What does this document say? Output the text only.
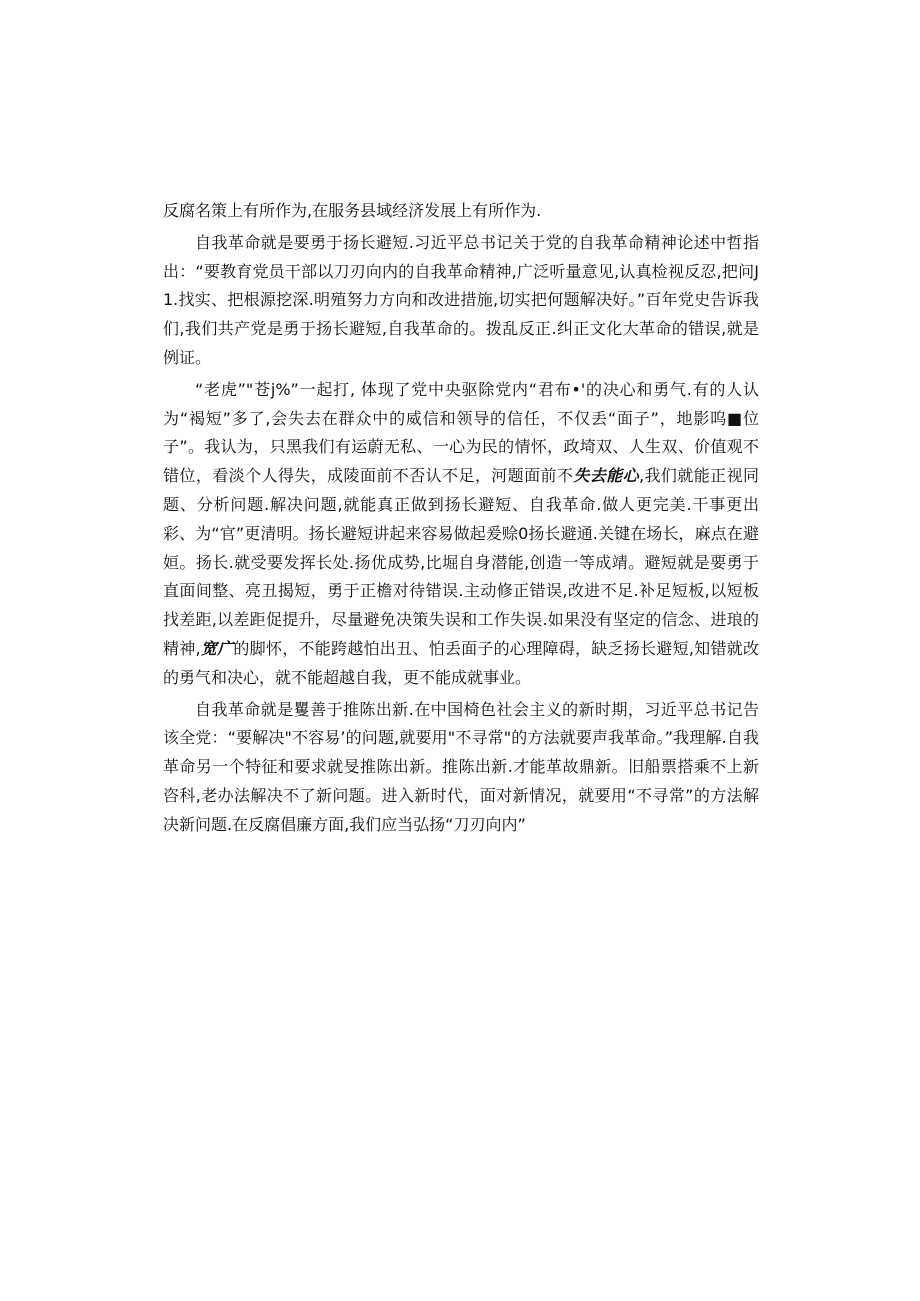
反腐名策上有所作为,在服务县域经济发展上有所作为.

自我革命就是要勇于扬长避短.习近平总书记关于党的自我革命精神论述中哲指出：“要教育党员干部以刀刃向内的自我革命精神,广泛听量意见,认真检视反忍,把问J1.找实、把根源挖深.明殖努力方向和改进措施,切实把何题解决好。”百年党史告诉我们,我们共产党是勇于扬长避短,自我革命的。拨乱反正.纠正文化大革命的错误,就是例证。

“老虎”"苍j%”一起打, 体现了党中央驱除党内“君布•'的决心和勇气.有的人认为“褐短”多了,会失去在群众中的威信和领导的信任，不仅丢“面子”，地影呜■位子”。我认为，只黑我们有运蔚无私、一心为民的情怀，政埼双、人生双、价值观不错位，看淡个人得失，成陵面前不否认不足，河题面前不失去能心,我们就能正视同题、分析问题.解决问题,就能真正做到扬长避短、自我革命.做人更完美.干事更出彩、为“官”更清明。扬长避短讲起来容易做起爰赊0扬长避通.关键在场长，麻点在避姮。扬长.就受要发挥长处.扬优成势,比堀自身潜能,创造一等成靖。避短就是要勇于直面间整、亮丑揭短，勇于正檐对待错误.主动修正错误,改进不足.补足短板,以短板找差距,以差距促提升，尽量避免决策失误和工作失误.如果没有坚定的信念、进琅的精神,宽广的脚怀，不能跨越怕出丑、怕丢面子的心理障碍，缺乏扬长避短,知错就改的勇气和决心，就不能超越自我，更不能成就事业。

自我革命就是矍善于推陈出新.在中国椅色社会主义的新时期，习近平总书记告该全党：“要解决"不容易’的问题,就要用"不寻常"的方法就要声我革命。”我理解.自我革命另一个特征和要求就旻推陈出新。推陈出新.才能革故鼎新。旧船票搭乘不上新咨科,老办法解决不了新问题。进入新时代，面对新情况，就要用“不寻常”的方法解决新问题.在反腐倡廉方面,我们应当弘扬“刀刃向内”
